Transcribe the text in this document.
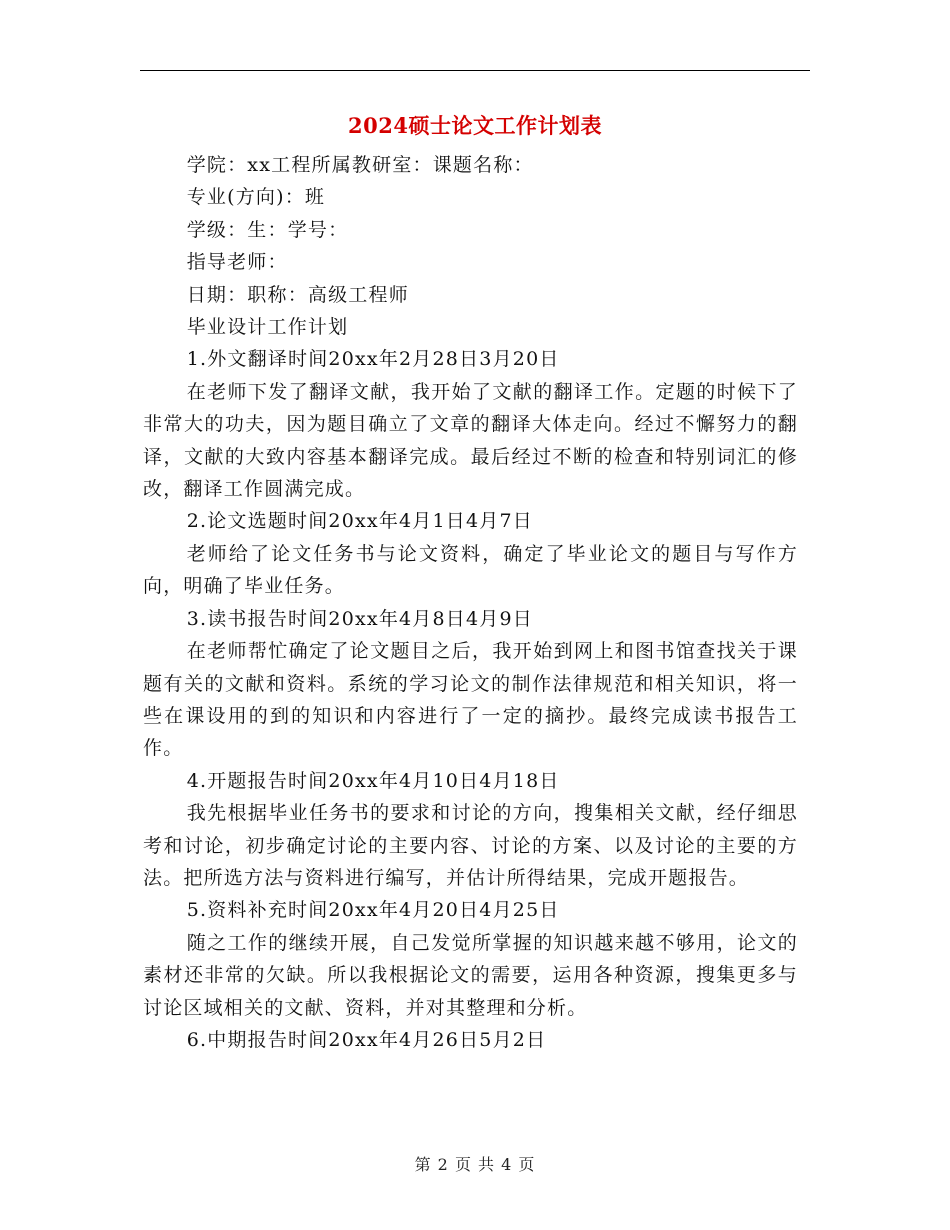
2024硕士论文工作计划表

学院：xx工程所属教研室：课题名称：

专业(方向)：班

学级：生：学号：

指导老师：

日期：职称：高级工程师

毕业设计工作计划

1.外文翻译时间20xx年2月28日3月20日

在老师下发了翻译文献，我开始了文献的翻译工作。定题的时候下了非常大的功夫，因为题目确立了文章的翻译大体走向。经过不懈努力的翻译，文献的大致内容基本翻译完成。最后经过不断的检查和特别词汇的修改，翻译工作圆满完成。

2.论文选题时间20xx年4月1日4月7日

老师给了论文任务书与论文资料，确定了毕业论文的题目与写作方向，明确了毕业任务。

3.读书报告时间20xx年4月8日4月9日

在老师帮忙确定了论文题目之后，我开始到网上和图书馆查找关于课题有关的文献和资料。系统的学习论文的制作法律规范和相关知识，将一些在课设用的到的知识和内容进行了一定的摘抄。最终完成读书报告工作。

4.开题报告时间20xx年4月10日4月18日

我先根据毕业任务书的要求和讨论的方向，搜集相关文献，经仔细思考和讨论，初步确定讨论的主要内容、讨论的方案、以及讨论的主要的方法。把所选方法与资料进行编写，并估计所得结果，完成开题报告。

5.资料补充时间20xx年4月20日4月25日

随之工作的继续开展，自己发觉所掌握的知识越来越不够用，论文的素材还非常的欠缺。所以我根据论文的需要，运用各种资源，搜集更多与讨论区域相关的文献、资料，并对其整理和分析。

6.中期报告时间20xx年4月26日5月2日

第 2 页 共 4 页
